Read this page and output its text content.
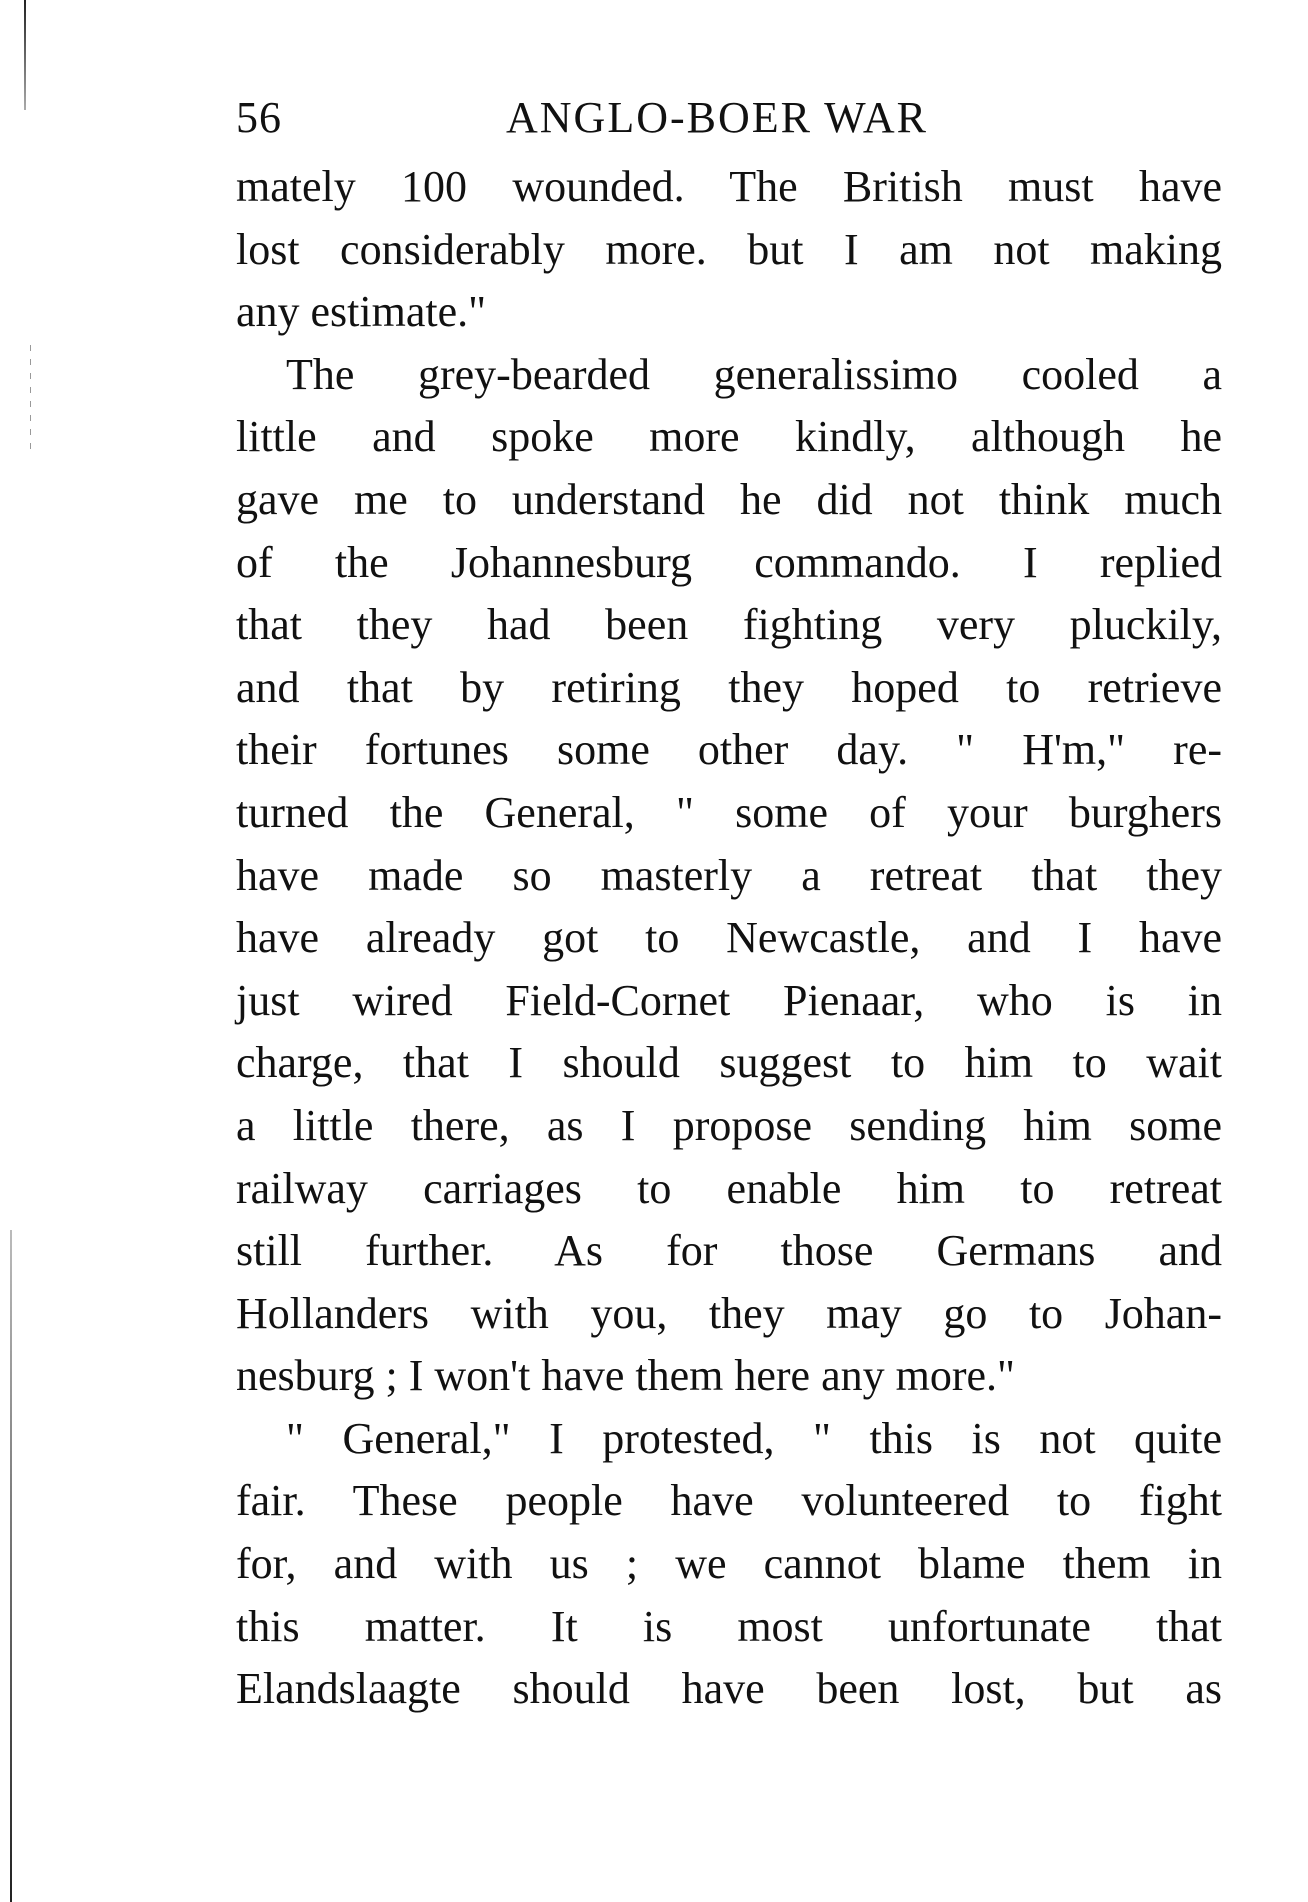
56	ANGLO-BOER WAR
mately 100 wounded. The British must have
lost considerably more. but I am not making
any estimate."
The grey-bearded generalissimo cooled a
little and spoke more kindly, although he
gave me to understand he did not think much
of the Johannesburg commando. I replied
that they had been fighting very pluckily,
and that by retiring they hoped to retrieve
their fortunes some other day. " H'm," re-
turned the General, " some of your burghers
have made so masterly a retreat that they
have already got to Newcastle, and I have
just wired Field-Cornet Pienaar, who is in
charge, that I should suggest to him to wait
a little there, as I propose sending him some
railway carriages to enable him to retreat
still further. As for those Germans and
Hollanders with you, they may go to Johan-
nesburg ; I won't have them here any more."
" General," I protested, " this is not quite
fair. These people have volunteered to fight
for, and with us ; we cannot blame them in
this matter. It is most unfortunate that
Elandslaagte should have been lost, but as
